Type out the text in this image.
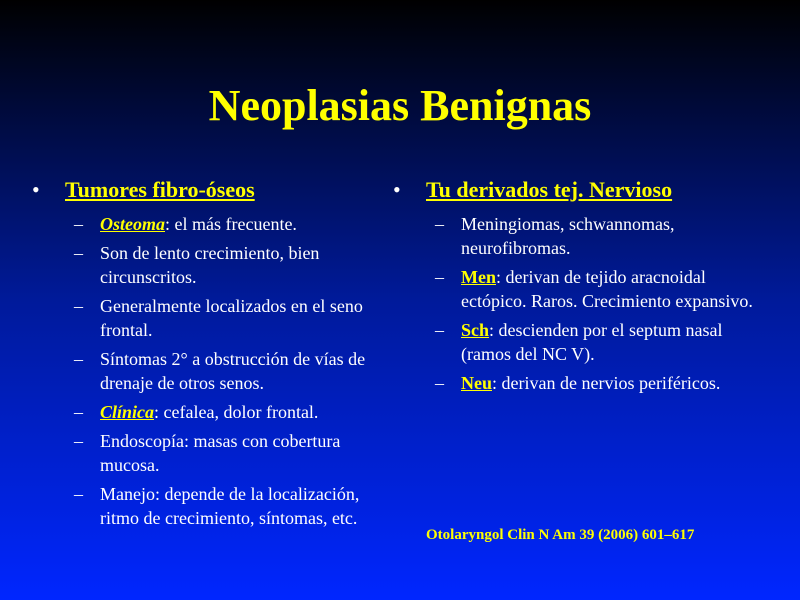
Neoplasias Benignas
• Tumores fibro-óseos
– Osteoma: el más frecuente.
– Son de lento crecimiento, bien circunscritos.
– Generalmente localizados en el seno frontal.
– Síntomas 2° a obstrucción de vías de drenaje de otros senos.
– Clínica: cefalea, dolor frontal.
– Endoscopía: masas con cobertura mucosa.
– Manejo: depende de la localización, ritmo de crecimiento, síntomas, etc.
• Tu derivados tej. Nervioso
– Meningiomas, schwannomas, neurofibromas.
– Men: derivan de tejido aracnoidal ectópico. Raros. Crecimiento expansivo.
– Sch: descienden por el septum nasal (ramos del NC V).
– Neu: derivan de nervios periféricos.
Otolaryngol Clin N Am 39 (2006) 601–617
